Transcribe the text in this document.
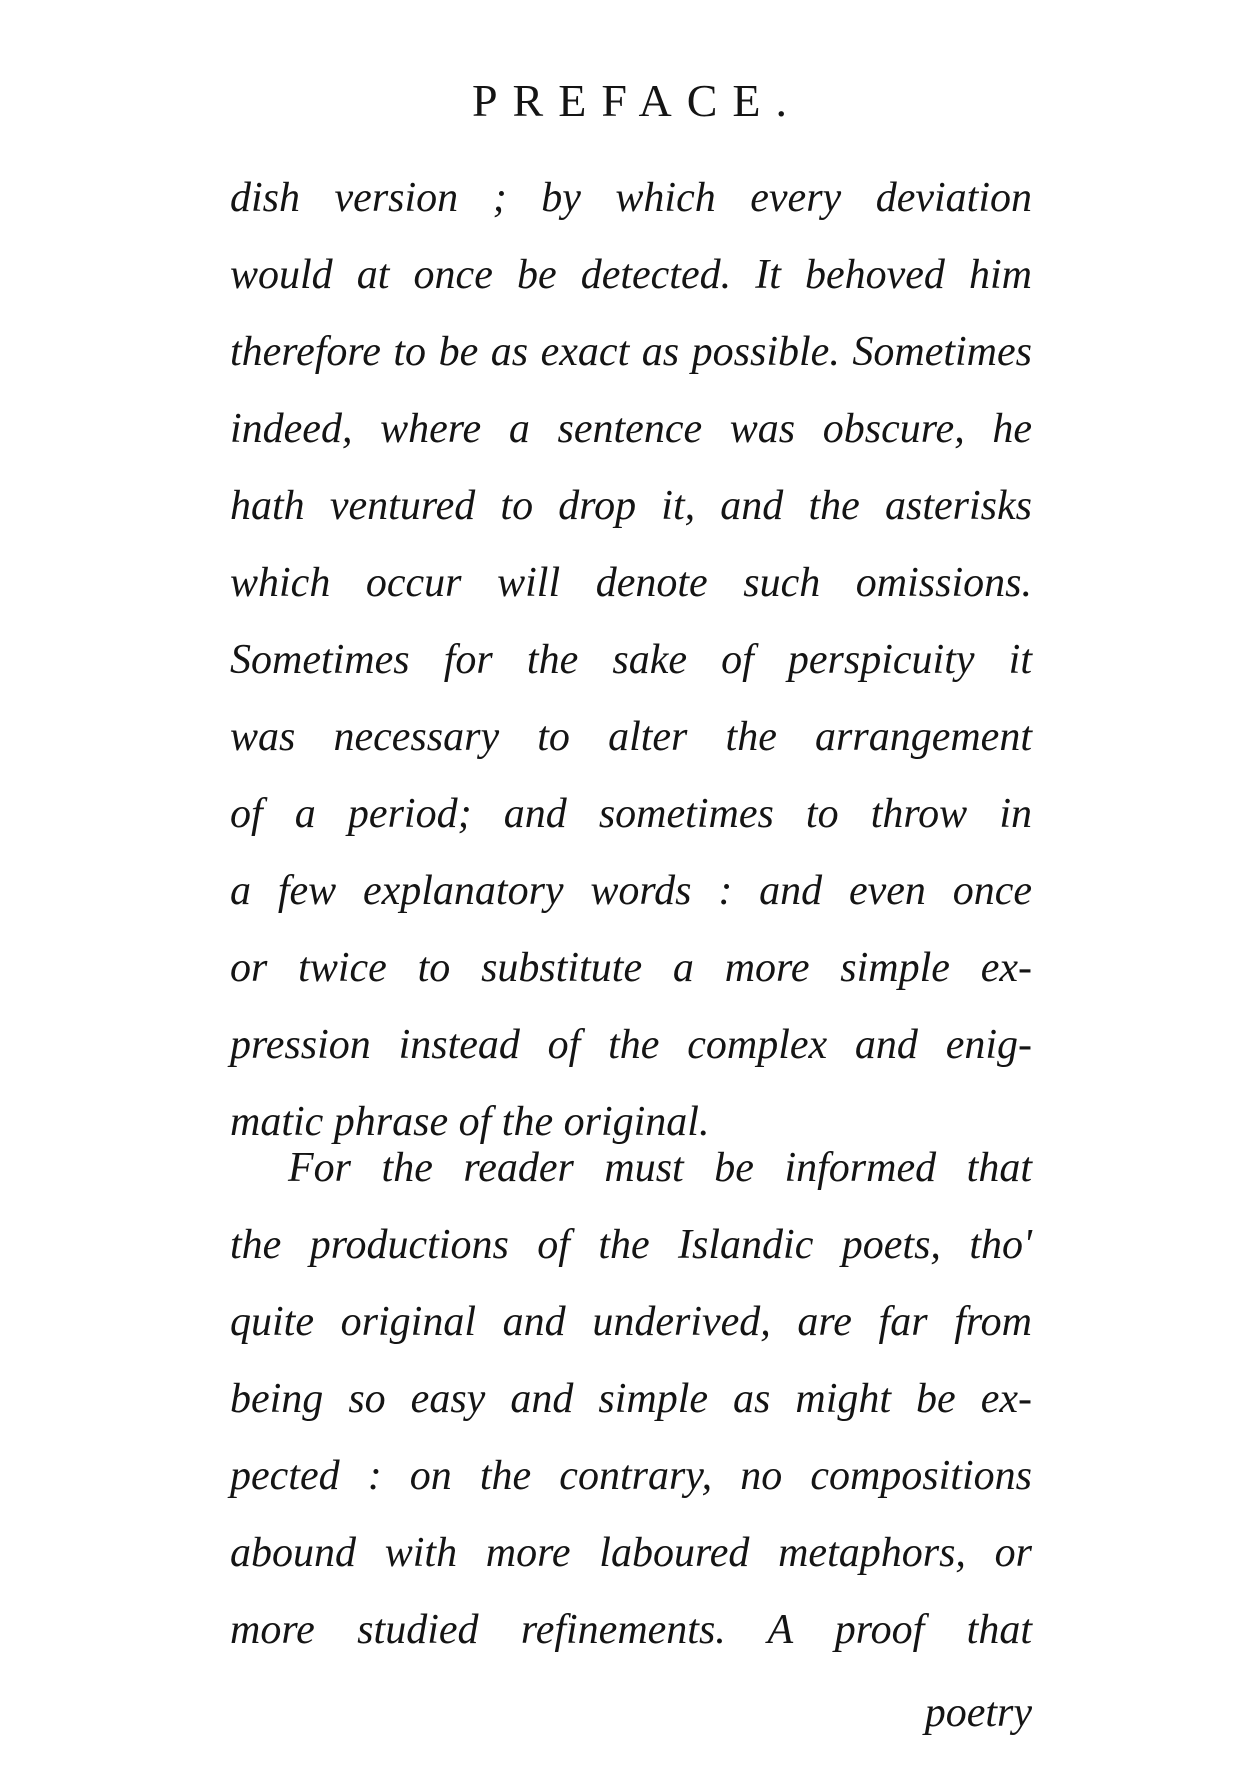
PREFACE.
dish version ; by which every deviation
would at once be detected. It behoved him
therefore to be as exact as possible. Sometimes
indeed, where a sentence was obscure, he
hath ventured to drop it, and the asterisks
which occur will denote such omissions.
Sometimes for the sake of perspicuity it
was necessary to alter the arrangement
of a period; and sometimes to throw in
a few explanatory words : and even once
or twice to substitute a more simple ex-
pression instead of the complex and enig-
matic phrase of the original.
For the reader must be informed that
the productions of the Islandic poets, tho'
quite original and underived, are far from
being so easy and simple as might be ex-
pected : on the contrary, no compositions
abound with more laboured metaphors, or
more studied refinements. A proof that
poetry
